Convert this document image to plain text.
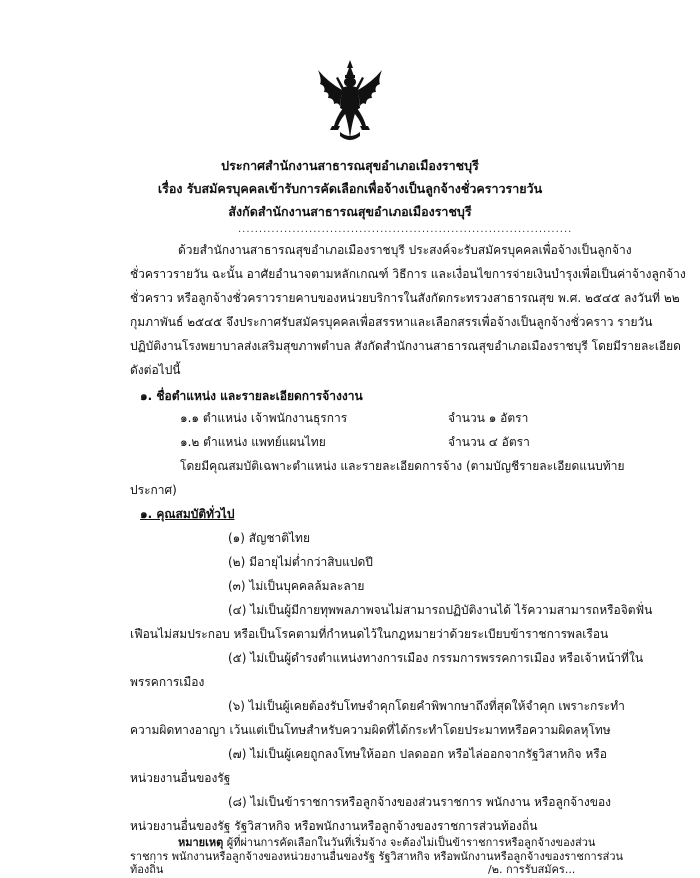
ประกาศสำนักงานสาธารณสุขอำเภอเมืองราชบุรี
เรื่อง รับสมัครบุคคลเข้ารับการคัดเลือกเพื่อจ้างเป็นลูกจ้างชั่วคราวรายวัน
สังกัดสำนักงานสาธารณสุขอำเภอเมืองราชบุรี
................................................................................
ด้วยสำนักงานสาธารณสุขอำเภอเมืองราชบุรี ประสงค์จะรับสมัครบุคคลเพื่อจ้างเป็นลูกจ้าง
ชั่วคราวรายวัน ฉะนั้น อาศัยอำนาจตามหลักเกณฑ์ วิธีการ และเงื่อนไขการจ่ายเงินบำรุงเพื่อเป็นค่าจ้างลูกจ้าง
ชั่วคราว หรือลูกจ้างชั่วคราวรายคาบของหน่วยบริการในสังกัดกระทรวงสาธารณสุข พ.ศ. ๒๕๔๕ ลงวันที่ ๒๒
กุมภาพันธ์ ๒๕๔๕ จึงประกาศรับสมัครบุคคลเพื่อสรรหาและเลือกสรรเพื่อจ้างเป็นลูกจ้างชั่วคราว รายวัน
ปฏิบัติงานโรงพยาบาลส่งเสริมสุขภาพตำบล สังกัดสำนักงานสาธารณสุขอำเภอเมืองราชบุรี โดยมีรายละเอียด
ดังต่อไปนี้
๑. ชื่อตำแหน่ง และรายละเอียดการจ้างงาน
๑.๑ ตำแหน่ง เจ้าพนักงานธุรการ	จำนวน ๑ อัตรา
๑.๒ ตำแหน่ง แพทย์แผนไทย	จำนวน ๔ อัตรา
โดยมีคุณสมบัติเฉพาะตำแหน่ง และรายละเอียดการจ้าง (ตามบัญชีรายละเอียดแนบท้าย
ประกาศ)
๑. คุณสมบัติทั่วไป
(๑) สัญชาติไทย
(๒) มีอายุไม่ต่ำกว่าสิบแปดปี
(๓) ไม่เป็นบุคคลล้มละลาย
(๔) ไม่เป็นผู้มีกายทุพพลภาพจนไม่สามารถปฏิบัติงานได้ ไร้ความสามารถหรือจิตฟั่น
เฟือนไม่สมประกอบ หรือเป็นโรคตามที่กำหนดไว้ในกฎหมายว่าด้วยระเบียบข้าราชการพลเรือน
(๕) ไม่เป็นผู้ดำรงตำแหน่งทางการเมือง กรรมการพรรคการเมือง หรือเจ้าหน้าที่ใน
พรรคการเมือง
(๖) ไม่เป็นผู้เคยต้องรับโทษจำคุกโดยคำพิพากษาถึงที่สุดให้จำคุก เพราะกระทำ
ความผิดทางอาญา เว้นแต่เป็นโทษสำหรับความผิดที่ได้กระทำโดยประมาทหรือความผิดลหุโทษ
(๗) ไม่เป็นผู้เคยถูกลงโทษให้ออก ปลดออก หรือไล่ออกจากรัฐวิสาหกิจ หรือ
หน่วยงานอื่นของรัฐ
(๘) ไม่เป็นข้าราชการหรือลูกจ้างของส่วนราชการ พนักงาน หรือลูกจ้างของ
หน่วยงานอื่นของรัฐ รัฐวิสาหกิจ หรือพนักงานหรือลูกจ้างของราชการส่วนท้องถิ่น
หมายเหตุ ผู้ที่ผ่านการคัดเลือกในวันที่เริ่มจ้าง จะต้องไม่เป็นข้าราชการหรือลูกจ้างของส่วน
ราชการ พนักงานหรือลูกจ้างของหน่วยงานอื่นของรัฐ รัฐวิสาหกิจ หรือพนักงานหรือลูกจ้างของราชการส่วน
ท้องถิ่น	/๒. การรับสมัคร...
